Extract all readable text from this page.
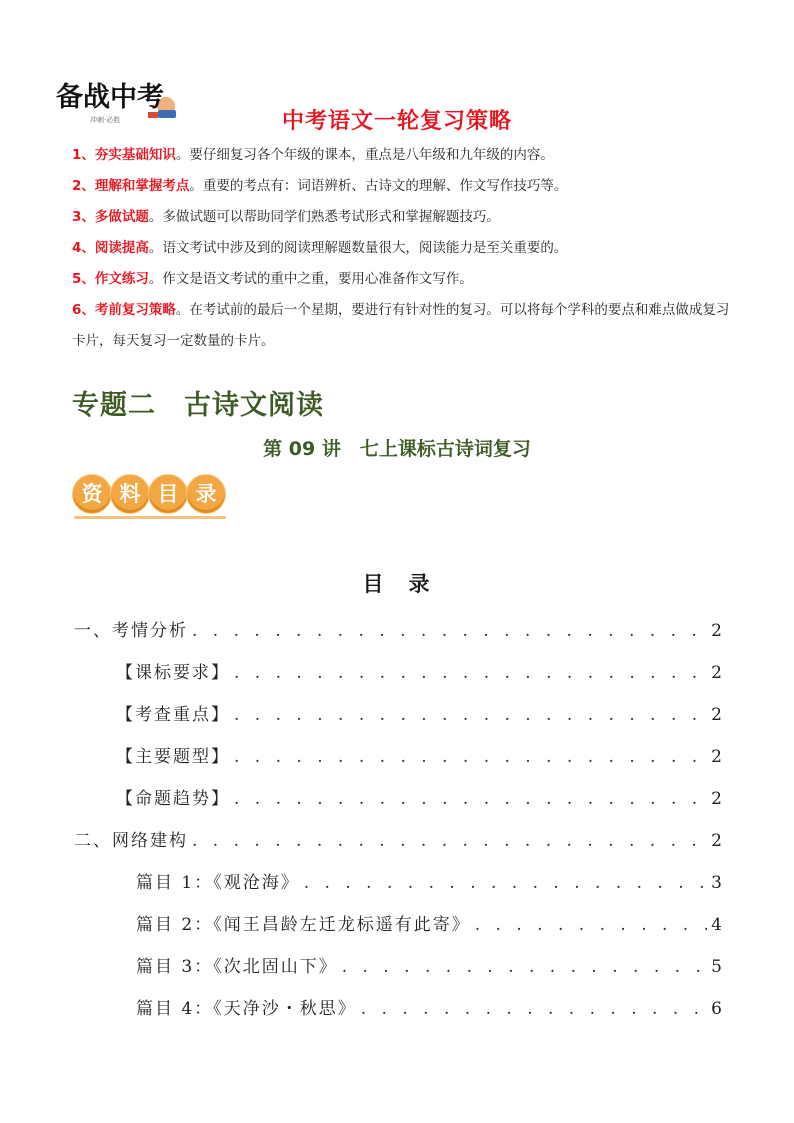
备战中考
冲刺·必胜	中考语文一轮复习策略
1、夯实基础知识。要仔细复习各个年级的课本，重点是八年级和九年级的内容。
2、理解和掌握考点。重要的考点有：词语辨析、古诗文的理解、作文写作技巧等。
3、多做试题。多做试题可以帮助同学们熟悉考试形式和掌握解题技巧。
4、阅读提高。语文考试中涉及到的阅读理解题数量很大，阅读能力是至关重要的。
5、作文练习。作文是语文考试的重中之重，要用心准备作文写作。
6、考前复习策略。在考试前的最后一个星期，要进行有针对性的复习。可以将每个学科的要点和难点做成复习卡片，每天复习一定数量的卡片。
专题二　古诗文阅读
第 09 讲　七上课标古诗词复习
资 料 目 录
目　录
一、考情分析 . . .	2
【课标要求】 . . .	2
【考查重点】 . . .	2
【主要题型】 . . .	2
【命题趋势】 . . .	2
二、网络建构 . . .	2
篇目 1：《观沧海》 . . .	3
篇目 2：《闻王昌龄左迁龙标遥有此寄》 . . .	4
篇目 3：《次北固山下》 . . .	5
篇目 4：《天净沙・秋思》 . . .	6
